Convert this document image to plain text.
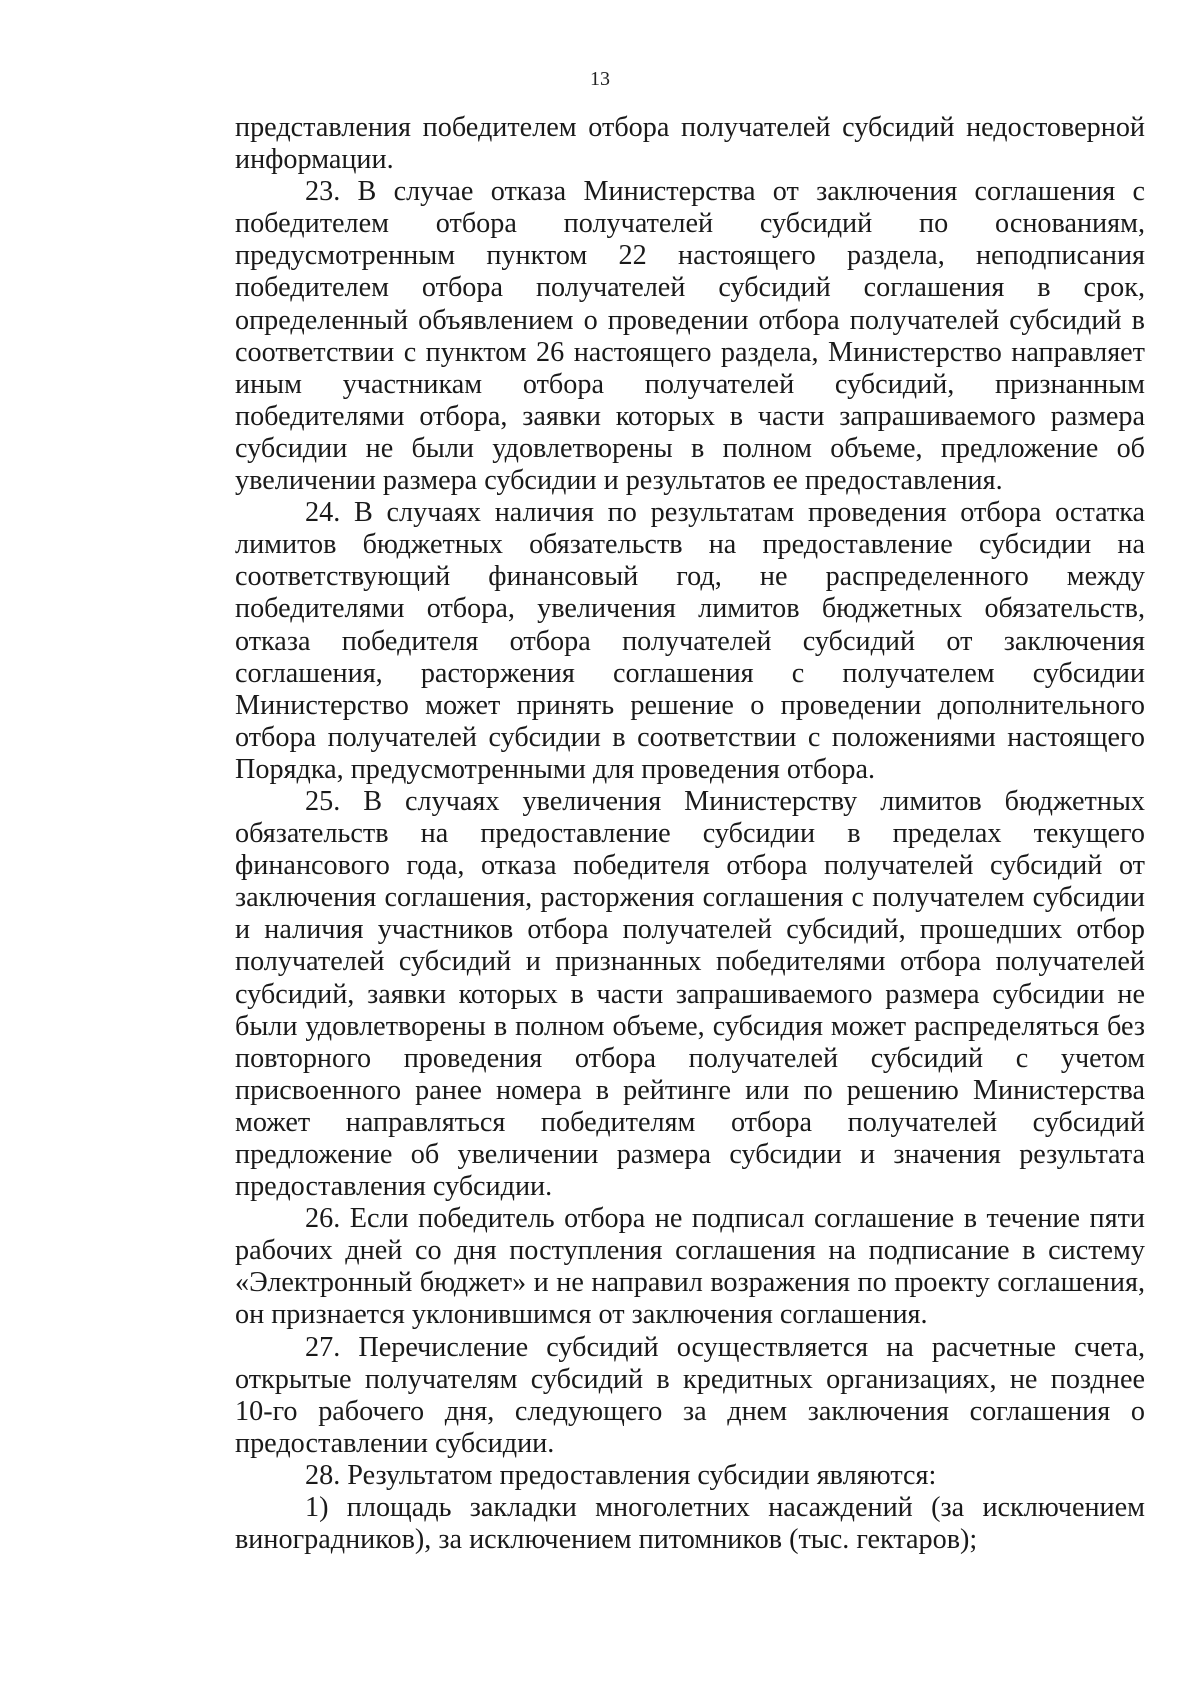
13

представления победителем отбора получателей субсидий недостоверной информации.

23. В случае отказа Министерства от заключения соглашения с победителем отбора получателей субсидий по основаниям, предусмотренным пунктом 22 настоящего раздела, неподписания победителем отбора получателей субсидий соглашения в срок, определенный объявлением о проведении отбора получателей субсидий в соответствии с пунктом 26 настоящего раздела, Министерство направляет иным участникам отбора получателей субсидий, признанным победителями отбора, заявки которых в части запрашиваемого размера субсидии не были удовлетворены в полном объеме, предложение об увеличении размера субсидии и результатов ее предоставления.

24. В случаях наличия по результатам проведения отбора остатка лимитов бюджетных обязательств на предоставление субсидии на соответствующий финансовый год, не распределенного между победителями отбора, увеличения лимитов бюджетных обязательств, отказа победителя отбора получателей субсидий от заключения соглашения, расторжения соглашения с получателем субсидии Министерство может принять решение о проведении дополнительного отбора получателей субсидии в соответствии с положениями настоящего Порядка, предусмотренными для проведения отбора.

25. В случаях увеличения Министерству лимитов бюджетных обязательств на предоставление субсидии в пределах текущего финансового года, отказа победителя отбора получателей субсидий от заключения соглашения, расторжения соглашения с получателем субсидии и наличия участников отбора получателей субсидий, прошедших отбор получателей субсидий и признанных победителями отбора получателей субсидий, заявки которых в части запрашиваемого размера субсидии не были удовлетворены в полном объеме, субсидия может распределяться без повторного проведения отбора получателей субсидий с учетом присвоенного ранее номера в рейтинге или по решению Министерства может направляться победителям отбора получателей субсидий предложение об увеличении размера субсидии и значения результата предоставления субсидии.

26. Если победитель отбора не подписал соглашение в течение пяти рабочих дней со дня поступления соглашения на подписание в систему «Электронный бюджет» и не направил возражения по проекту соглашения, он признается уклонившимся от заключения соглашения.

27. Перечисление субсидий осуществляется на расчетные счета, открытые получателям субсидий в кредитных организациях, не позднее 10-го рабочего дня, следующего за днем заключения соглашения о предоставлении субсидии.

28. Результатом предоставления субсидии являются:

1) площадь закладки многолетних насаждений (за исключением виноградников), за исключением питомников (тыс. гектаров);
